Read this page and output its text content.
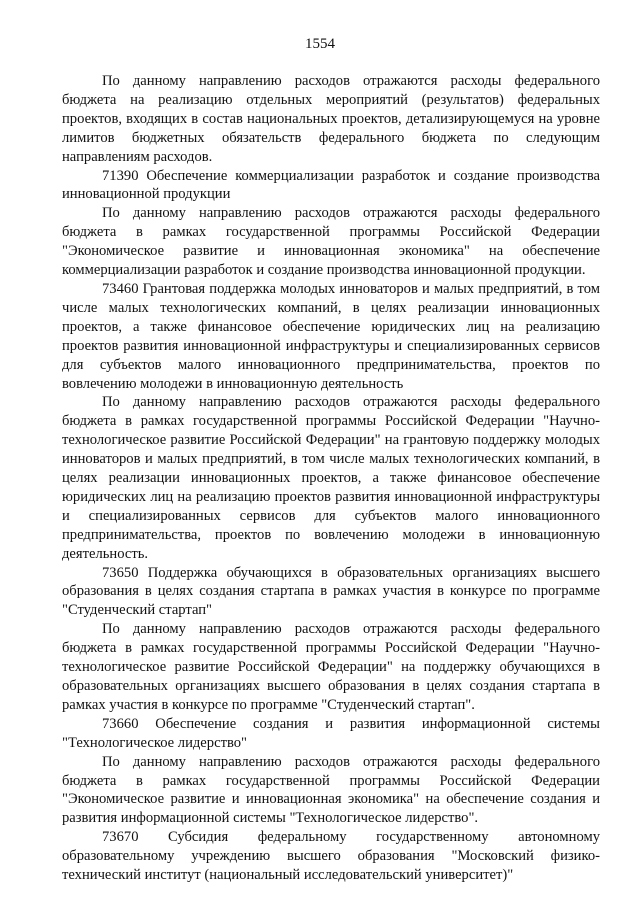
1554

По данному направлению расходов отражаются расходы федерального бюджета на реализацию отдельных мероприятий (результатов) федеральных проектов, входящих в состав национальных проектов, детализирующемуся на уровне лимитов бюджетных обязательств федерального бюджета по следующим направлениям расходов.

71390 Обеспечение коммерциализации разработок и создание производства инновационной продукции

По данному направлению расходов отражаются расходы федерального бюджета в рамках государственной программы Российской Федерации "Экономическое развитие и инновационная экономика" на обеспечение коммерциализации разработок и создание производства инновационной продукции.

73460 Грантовая поддержка молодых инноваторов и малых предприятий, в том числе малых технологических компаний, в целях реализации инновационных проектов, а также финансовое обеспечение юридических лиц на реализацию проектов развития инновационной инфраструктуры и специализированных сервисов для субъектов малого инновационного предпринимательства, проектов по вовлечению молодежи в инновационную деятельность

По данному направлению расходов отражаются расходы федерального бюджета в рамках государственной программы Российской Федерации "Научно-технологическое развитие Российской Федерации" на грантовую поддержку молодых инноваторов и малых предприятий, в том числе малых технологических компаний, в целях реализации инновационных проектов, а также финансовое обеспечение юридических лиц на реализацию проектов развития инновационной инфраструктуры и специализированных сервисов для субъектов малого инновационного предпринимательства, проектов по вовлечению молодежи в инновационную деятельность.

73650 Поддержка обучающихся в образовательных организациях высшего образования в целях создания стартапа в рамках участия в конкурсе по программе "Студенческий стартап"

По данному направлению расходов отражаются расходы федерального бюджета в рамках государственной программы Российской Федерации "Научно-технологическое развитие Российской Федерации" на поддержку обучающихся в образовательных организациях высшего образования в целях создания стартапа в рамках участия в конкурсе по программе "Студенческий стартап".

73660 Обеспечение создания и развития информационной системы "Технологическое лидерство"

По данному направлению расходов отражаются расходы федерального бюджета в рамках государственной программы Российской Федерации "Экономическое развитие и инновационная экономика" на обеспечение создания и развития информационной системы "Технологическое лидерство".

73670 Субсидия федеральному государственному автономному образовательному учреждению высшего образования "Московский физико-технический институт (национальный исследовательский университет)"
